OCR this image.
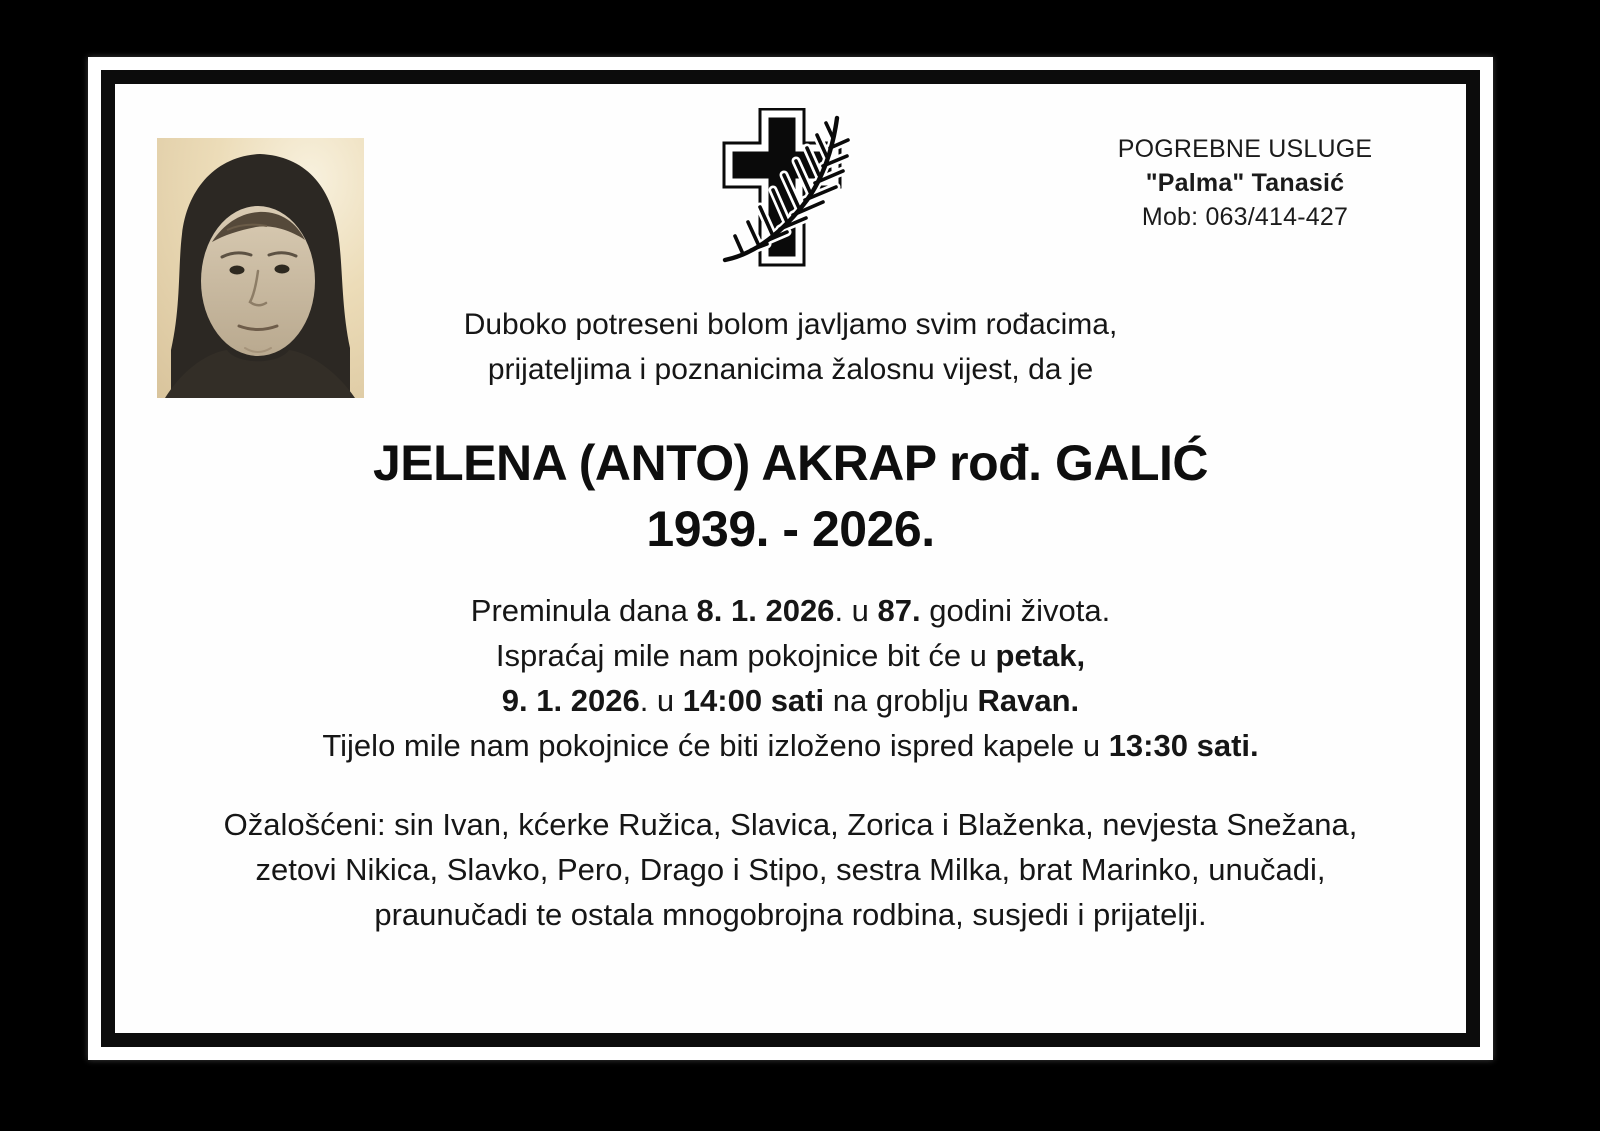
POGREBNE USLUGE
"Palma" Tanasić
Mob: 063/414-427
Duboko potreseni bolom javljamo svim rođacima,
prijateljima i poznanicima žalosnu vijest, da je
JELENA (ANTO) AKRAP rođ. GALIĆ
1939. - 2026.
Preminula dana 8. 1. 2026. u 87. godini života.
Ispraćaj mile nam pokojnice bit će u petak,
9. 1. 2026. u 14:00 sati na groblju Ravan.
Tijelo mile nam pokojnice će biti izloženo ispred kapele u 13:30 sati.
Ožalošćeni: sin Ivan, kćerke Ružica, Slavica, Zorica i Blaženka, nevjesta Snežana,
zetovi Nikica, Slavko, Pero, Drago i Stipo, sestra Milka, brat Marinko, unučadi,
praunučadi te ostala mnogobrojna rodbina, susjedi i prijatelji.
